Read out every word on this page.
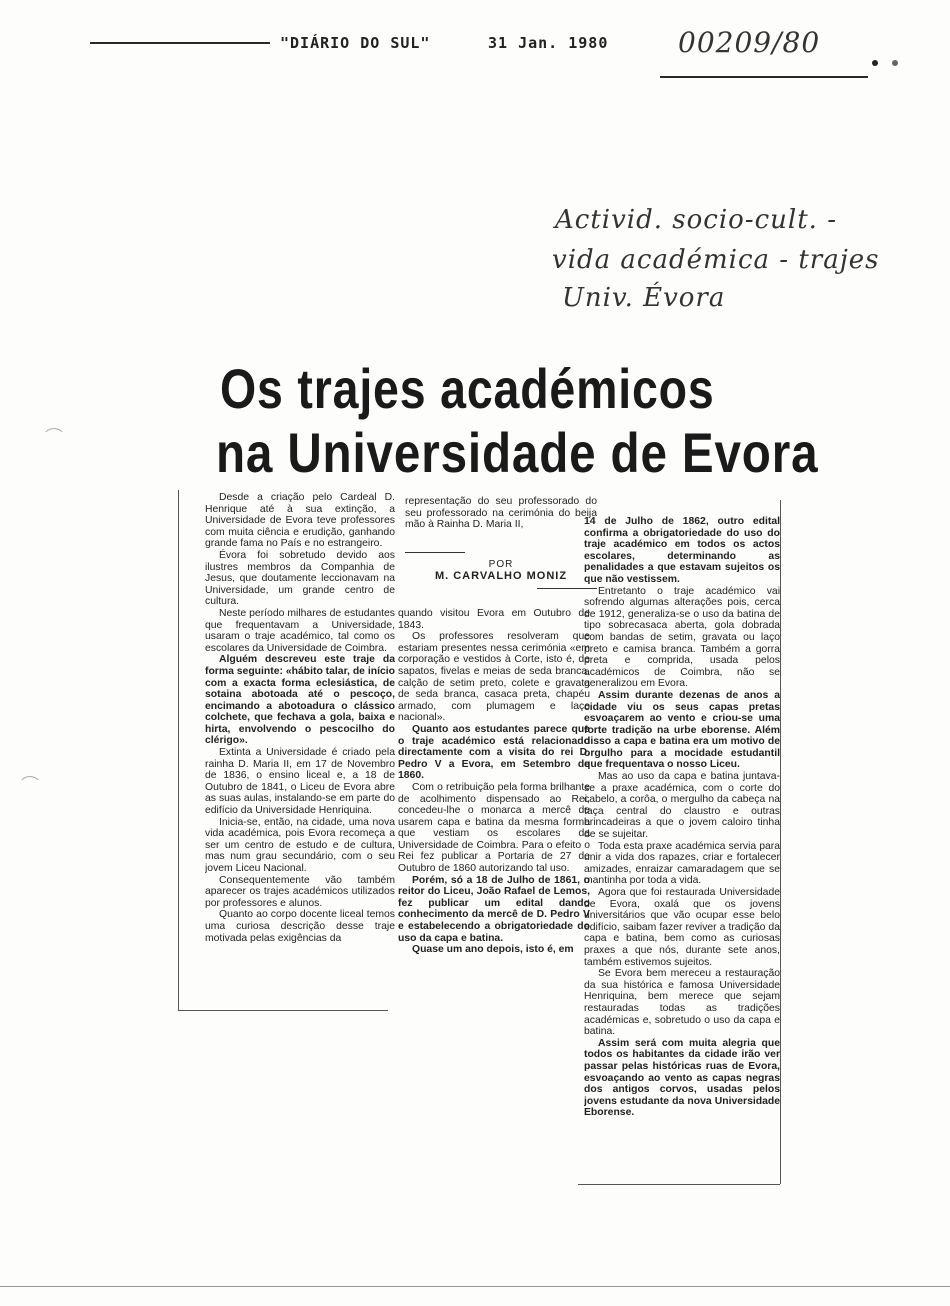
"DIÁRIO DO SUL"	31 Jan. 1980 00209/80
Activid. socio-cult. -
vida académica - trajes
Univ. Évora
Os trajes académicos
na Universidade de Evora

Desde a criação pelo Cardeal D. Henrique até à sua extinção, a Universidade de Evora teve professores com muita ciência e erudição, ganhando grande fama no País e no estrangeiro.

Évora foi sobretudo devido aos ilustres membros da Companhia de Jesus, que doutamente leccionavam na Universidade, um grande centro de cultura.

Neste período milhares de estudantes que frequentavam a Universidade, usaram o traje académico, tal como os escolares da Universidade de Coimbra.

Alguém descreveu este traje da forma seguinte: «hábito talar, de início com a exacta forma eclesiástica, de sotaina abotoada até o pescoço, encimando a abotoadura o clássico colchete, que fechava a gola, baixa e hirta, envolvendo o pescocilho do clérigo».

Extinta a Universidade é criado pela rainha D. Maria II, em 17 de Novembro de 1836, o ensino liceal e, a 18 de Outubro de 1841, o Liceu de Evora abre as suas aulas, instalando-se em parte do edifício da Universidade Henriquina.

Inicia-se, então, na cidade, uma nova vida académica, pois Evora recomeça a ser um centro de estudo e de cultura, mas num grau secundário, com o seu jovem Liceu Nacional.

Consequentemente vão também aparecer os trajes académicos utilizados por professores e alunos.

Quanto ao corpo docente liceal temos uma curiosa descrição desse traje motivada pelas exigências da

representação do seu professorado do seu professorado na cerimónia do beija mão à Rainha D. Maria II,

POR
M. CARVALHO MONIZ

quando visitou Evora em Outubro de 1843.

Os professores resolveram que estariam presentes nessa cerimónia «em corporação e vestidos à Corte, isto é, de sapatos, fivelas e meias de seda branca, calção de setim preto, colete e gravata de seda branca, casaca preta, chapéu armado, com plumagem e laço nacional».

Quanto aos estudantes parece que o traje académico está relacionado directamente com a visita do rei D. Pedro V a Evora, em Setembro de 1860.

Com o retribuição pela forma brilhante de acolhimento dispensado ao Rei, concedeu-lhe o monarca a mercê de usarem capa e batina da mesma forma que vestiam os escolares da Universidade de Coimbra. Para o efeito o Rei fez publicar a Portaria de 27 de Outubro de 1860 autorizando tal uso.

Porém, só a 18 de Julho de 1861, o reitor do Liceu, João Rafael de Lemos, fez publicar um edital dando conhecimento da mercê de D. Pedro V e estabelecendo a obrigatoriedade do uso da capa e batina.

Quase um ano depois, isto é, em

14 de Julho de 1862, outro edital confirma a obrigatoriedade do uso do traje académico em todos os actos escolares, determinando as penalidades a que estavam sujeitos os que não vestissem.

Entretanto o traje académico vai sofrendo algumas alterações pois, cerca de 1912, generaliza-se o uso da batina de tipo sobrecasaca aberta, gola dobrada com bandas de setim, gravata ou laço preto e camisa branca. Também a gorra preta e comprida, usada pelos académicos de Coimbra, não se generalizou em Evora.

Assim durante dezenas de anos a cidade viu os seus capas pretas esvoaçarem ao vento e criou-se uma forte tradição na urbe eborense. Além disso a capa e batina era um motivo de orgulho para a mocidade estudantil que frequentava o nosso Liceu.

Mas ao uso da capa e batina juntava-se a praxe académica, com o corte do cabelo, a corôa, o mergulho da cabeça na taça central do claustro e outras brincadeiras a que o jovem caloiro tinha de se sujeitar.

Toda esta praxe académica servia para unir a vida dos rapazes, criar e fortalecer amizades, enraizar camaradagem que se mantinha por toda a vida.

Agora que foi restaurada Universidade de Evora, oxalá que os jovens universitários que vão ocupar esse belo edifício, saibam fazer reviver a tradição da capa e batina, bem como as curiosas praxes a que nós, durante sete anos, também estivemos sujeitos.

Se Evora bem mereceu a restauração da sua histórica e famosa Universidade Henriquina, bem merece que sejam restauradas todas as tradições académicas e, sobretudo o uso da capa e batina.

Assim será com muita alegria que todos os habitantes da cidade irão ver passar pelas históricas ruas de Evora, esvoaçando ao vento as capas negras dos antigos corvos, usadas pelos jovens estudante da nova Universidade Eborense.
